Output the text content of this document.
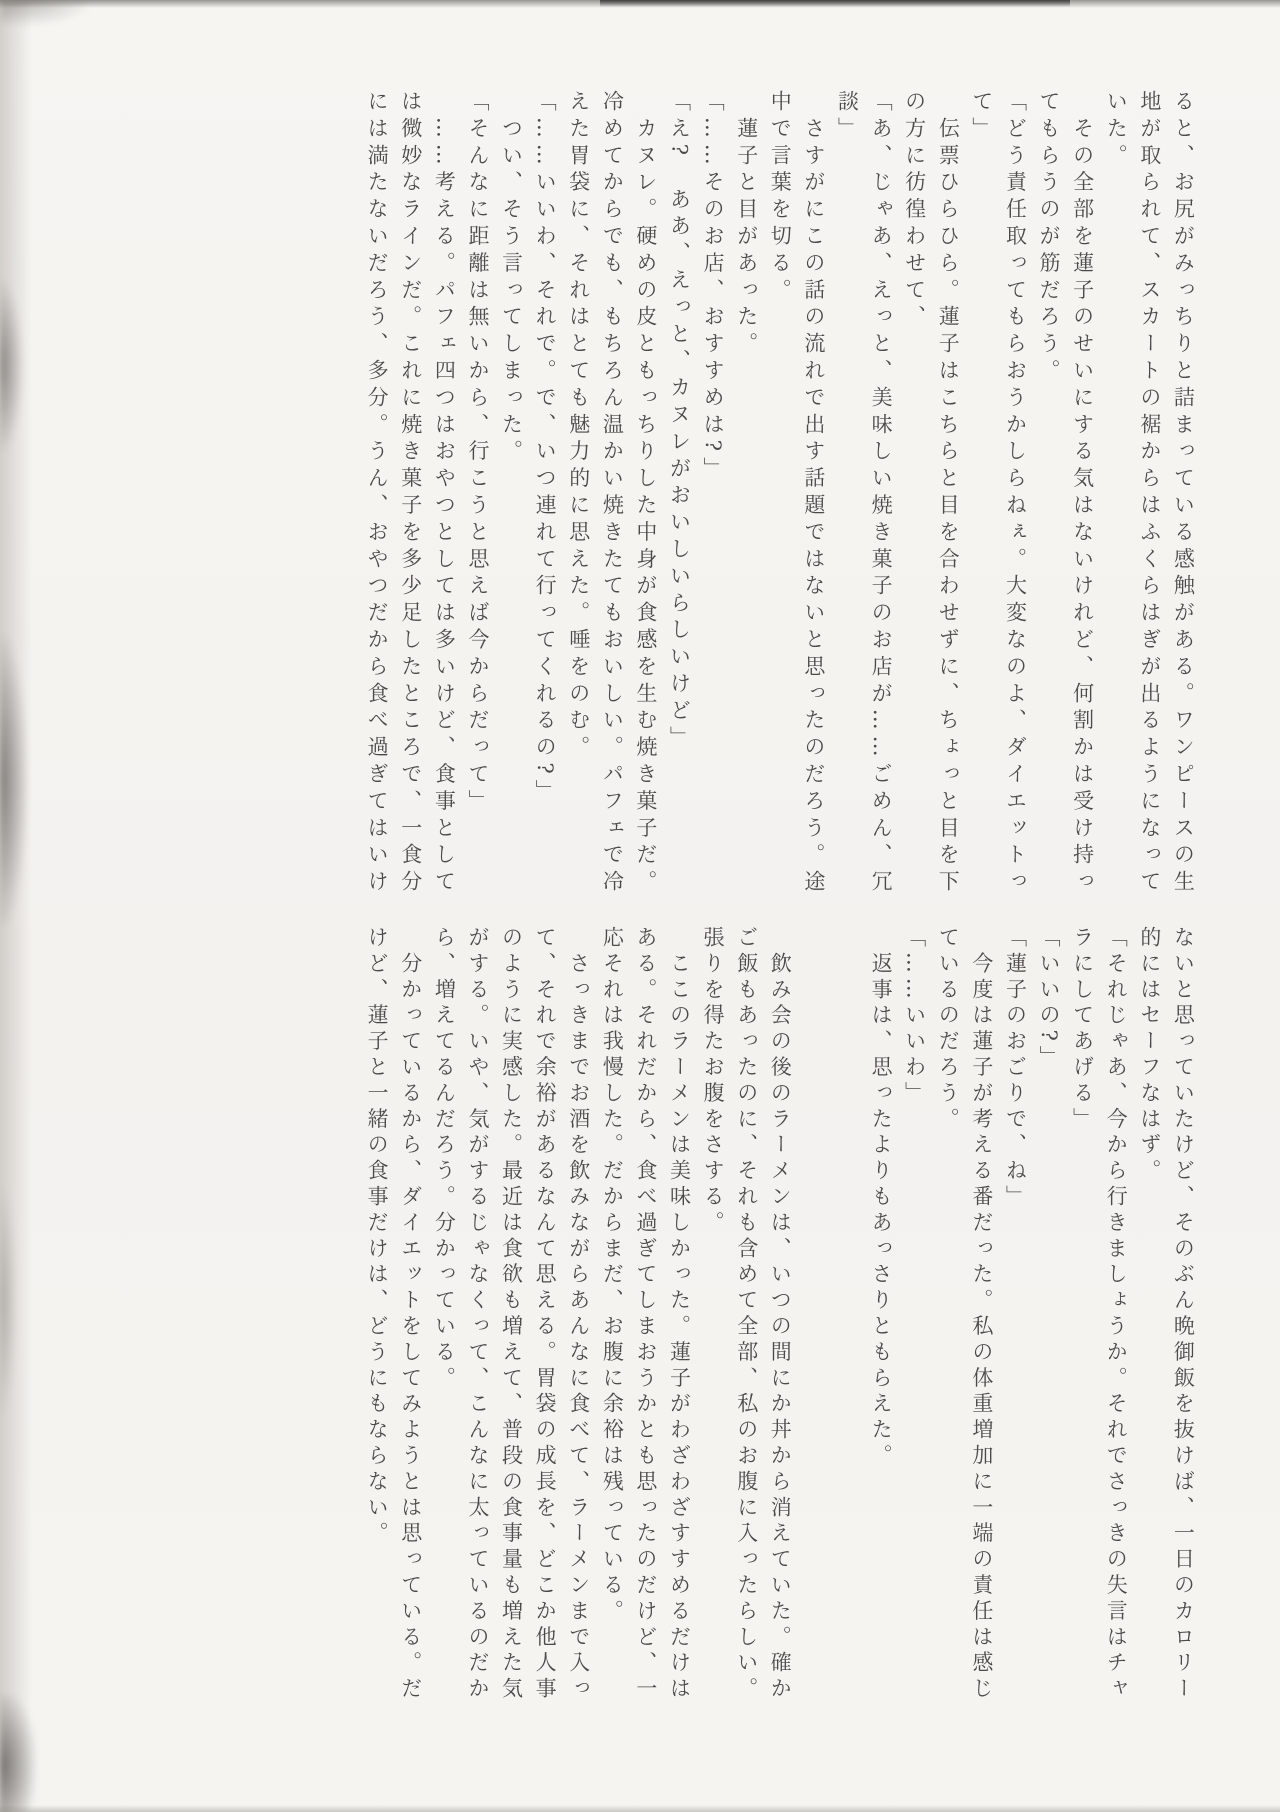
ると、お尻がみっちりと詰まっている感触がある。ワンピースの生

地が取られて、スカートの裾からはふくらはぎが出るようになって

いた。

　その全部を蓮子のせいにする気はないけれど、何割かは受け持っ

てもらうのが筋だろう。

「どう責任取ってもらおうかしらねぇ。大変なのよ、ダイエットっ

て」

　伝票ひらひら。蓮子はこちらと目を合わせずに、ちょっと目を下

の方に彷徨わせて、

「あ、じゃあ、えっと、美味しい焼き菓子のお店が……ごめん、冗

談」

　さすがにこの話の流れで出す話題ではないと思ったのだろう。途

中で言葉を切る。

　蓮子と目があった。

「……そのお店、おすすめは?」

「え?　ああ、えっと、カヌレがおいしいらしいけど」

　カヌレ。硬めの皮ともっちりした中身が食感を生む焼き菓子だ。

冷めてからでも、もちろん温かい焼きたてもおいしい。パフェで冷

えた胃袋に、それはとても魅力的に思えた。唾をのむ。

「……いいわ、それで。で、いつ連れて行ってくれるの?」

　つい、そう言ってしまった。

「そんなに距離は無いから、行こうと思えば今からだって」

　……考える。パフェ四つはおやつとしては多いけど、食事として

は微妙なラインだ。これに焼き菓子を多少足したところで、一食分

には満たないだろう、多分。うん、おやつだから食べ過ぎてはいけ

ないと思っていたけど、そのぶん晩御飯を抜けば、一日のカロリー

的にはセーフなはず。

「それじゃあ、今から行きましょうか。それでさっきの失言はチャ

ラにしてあげる」

「いいの?」

「蓮子のおごりで、ね」

　今度は蓮子が考える番だった。私の体重増加に一端の責任は感じ

ているのだろう。

「……いいわ」

　返事は、思ったよりもあっさりともらえた。

　飲み会の後のラーメンは、いつの間にか丼から消えていた。確か

ご飯もあったのに、それも含めて全部、私のお腹に入ったらしい。

張りを得たお腹をさする。

　ここのラーメンは美味しかった。蓮子がわざわざすすめるだけは

ある。それだから、食べ過ぎてしまおうかとも思ったのだけど、一

応それは我慢した。だからまだ、お腹に余裕は残っている。

　さっきまでお酒を飲みながらあんなに食べて、ラーメンまで入っ

て、それで余裕があるなんて思える。胃袋の成長を、どこか他人事

のように実感した。最近は食欲も増えて、普段の食事量も増えた気

がする。いや、気がするじゃなくって、こんなに太っているのだか

ら、増えてるんだろう。分かっている。

　分かっているから、ダイエットをしてみようとは思っている。だ

けど、蓮子と一緒の食事だけは、どうにもならない。
